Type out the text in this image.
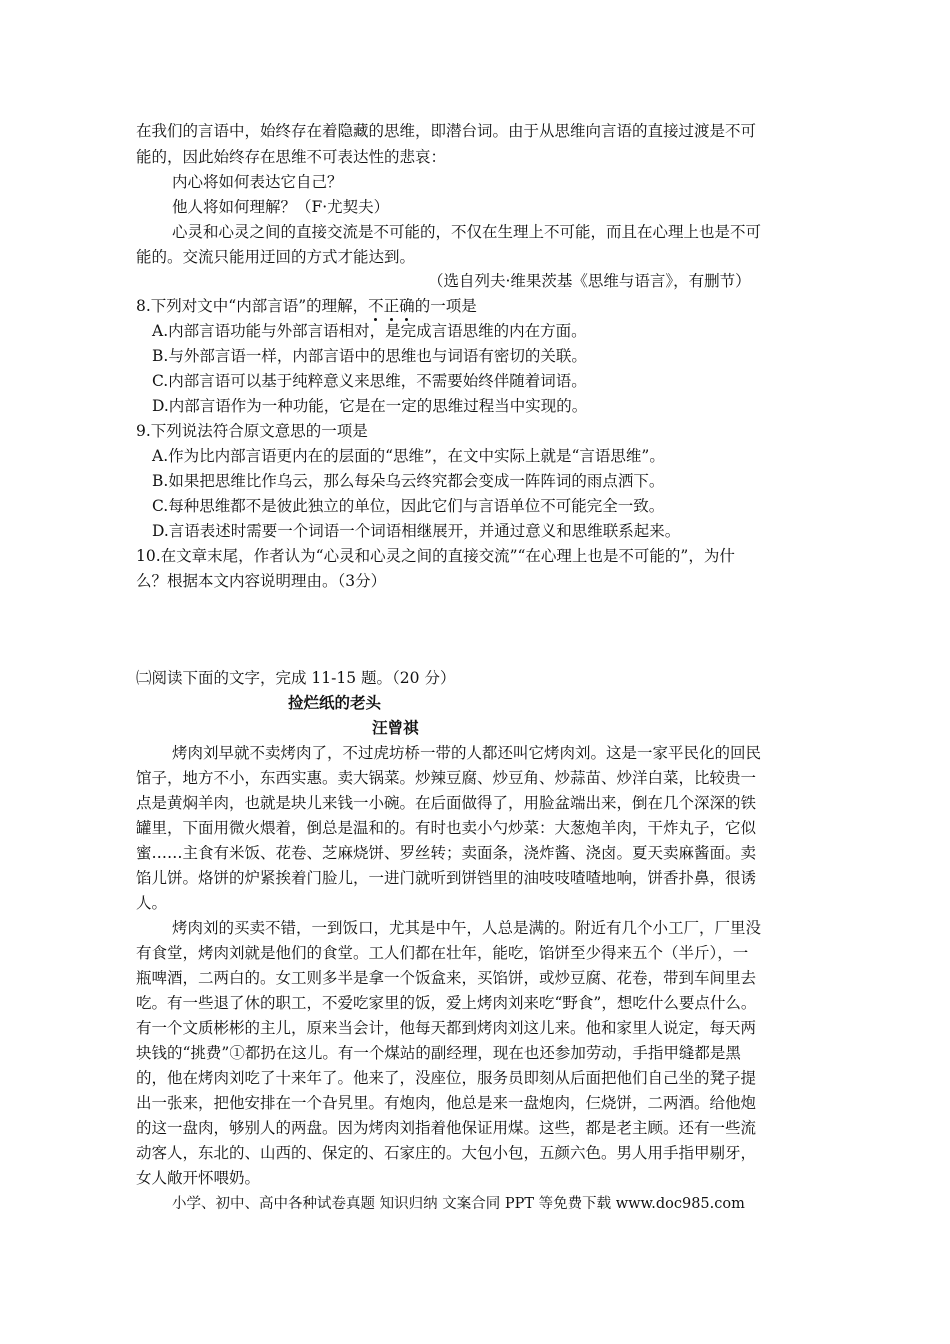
在我们的言语中，始终存在着隐藏的思维，即潜台词。由于从思维向言语的直接过渡是不可
能的，因此始终存在思维不可表达性的悲哀：
内心将如何表达它自己？
他人将如何理解？（F·尤契夫）
心灵和心灵之间的直接交流是不可能的，不仅在生理上不可能，而且在心理上也是不可
能的。交流只能用迂回的方式才能达到。
（选自列夫·维果茨基《思维与语言》，有删节）
8.下列对文中“内部言语”的理解，不正确的一项是
A.内部言语功能与外部言语相对，是完成言语思维的内在方面。
B.与外部言语一样，内部言语中的思维也与词语有密切的关联。
C.内部言语可以基于纯粹意义来思维，不需要始终伴随着词语。
D.内部言语作为一种功能，它是在一定的思维过程当中实现的。
9.下列说法符合原文意思的一项是
A.作为比内部言语更内在的层面的“思维”，在文中实际上就是“言语思维”。
B.如果把思维比作乌云，那么每朵乌云终究都会变成一阵阵词的雨点洒下。
C.每种思维都不是彼此独立的单位，因此它们与言语单位不可能完全一致。
D.言语表述时需要一个词语一个词语相继展开，并通过意义和思维联系起来。
10.在文章末尾，作者认为“心灵和心灵之间的直接交流”“在心理上也是不可能的”，为什
么？根据本文内容说明理由。（3分）
㈡阅读下面的文字，完成 11-15 题。（20 分）
捡烂纸的老头
汪曾祺
烤肉刘早就不卖烤肉了，不过虎坊桥一带的人都还叫它烤肉刘。这是一家平民化的回民
馆子，地方不小，东西实惠。卖大锅菜。炒辣豆腐、炒豆角、炒蒜苗、炒洋白菜，比较贵一
点是黄焖羊肉，也就是块儿来钱一小碗。在后面做得了，用脸盆端出来，倒在几个深深的铁
罐里，下面用微火煨着，倒总是温和的。有时也卖小勺炒菜：大葱炮羊肉，干炸丸子，它似
蜜……主食有米饭、花卷、芝麻烧饼、罗丝转；卖面条，浇炸酱、浇卤。夏天卖麻酱面。卖
馅儿饼。烙饼的炉紧挨着门脸儿，一进门就听到饼铛里的油吱吱喳喳地响，饼香扑鼻，很诱
人。
烤肉刘的买卖不错，一到饭口，尤其是中午，人总是满的。附近有几个小工厂，厂里没
有食堂，烤肉刘就是他们的食堂。工人们都在壮年，能吃，馅饼至少得来五个（半斤），一
瓶啤酒，二两白的。女工则多半是拿一个饭盒来，买馅饼，或炒豆腐、花卷，带到车间里去
吃。有一些退了休的职工，不爱吃家里的饭，爱上烤肉刘来吃“野食”，想吃什么要点什么。
有一个文质彬彬的主儿，原来当会计，他每天都到烤肉刘这儿来。他和家里人说定，每天两
块钱的“挑费”①都扔在这儿。有一个煤站的副经理，现在也还参加劳动，手指甲缝都是黑
的，他在烤肉刘吃了十来年了。他来了，没座位，服务员即刻从后面把他们自己坐的凳子提
出一张来，把他安排在一个旮旯里。有炮肉，他总是来一盘炮肉，仨烧饼，二两酒。给他炮
的这一盘肉，够别人的两盘。因为烤肉刘指着他保证用煤。这些，都是老主顾。还有一些流
动客人，东北的、山西的、保定的、石家庄的。大包小包，五颜六色。男人用手指甲剔牙，
女人敞开怀喂奶。
小学、初中、高中各种试卷真题 知识归纳 文案合同 PPT 等免费下载 www.doc985.com
